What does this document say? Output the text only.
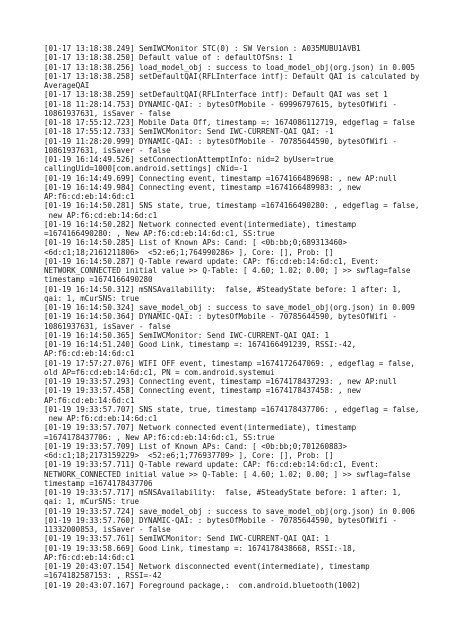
[01-17 13:18:38.249] SemIWCMonitor STC(0) : SW Version : A035MUBU1AVB1
[01-17 13:18:38.250] Default value of : defaultOfSns: 1
[01-17 13:18:38.256] load_model_obj : success to load_model_obj(org.json) in 0.005
[01-17 13:18:38.258] setDefaultQAI(RFLInterface intf): Default QAI is calculated by
AverageQAI
[01-17 13:18:38.259] setDefaultQAI(RFLInterface intf): Default QAI was set 1
[01-18 11:28:14.753] DYNAMIC-QAI: : bytesOfMobile - 69996797615, bytesOfWifi -
10861937631, isSaver - false
[01-18 17:55:12.723] Mobile Data Off, timestamp =: 1674086112719, edgeflag = false
[01-18 17:55:12.733] SemIWCMonitor: Send IWC-CURRENT-QAI QAI: -1
[01-19 11:28:20.999] DYNAMIC-QAI: : bytesOfMobile - 70785644590, bytesOfWifi -
10861937631, isSaver - false
[01-19 16:14:49.526] setConnectionAttemptInfo: nid=2 byUser=true
callingUid=1000[com.android.settings] cNid=-1
[01-19 16:14:49.699] Connecting event, timestamp =1674166489698: , new AP:null
[01-19 16:14:49.984] Connecting event, timestamp =1674166489983: , new
AP:f6:cd:eb:14:6d:c1
[01-19 16:14:50.281] SNS state, true, timestamp =1674166490280: , edgeflag = false,
new AP:f6:cd:eb:14:6d:c1
[01-19 16:14:50.282] Network connected event(intermediate), timestamp
=1674166490280: , New AP:f6:cd:eb:14:6d:c1, SS:true
[01-19 16:14:50.285] List of Known APs: Cand: [ <0b:bb;0;689313460>
<6d:c1;18;2161211806>  <52:e6;1;764990286> ], Core: [], Prob: []
[01-19 16:14:50.287] Q-Table reward update: CAP: f6:cd:eb:14:6d:c1, Event:
NETWORK_CONNECTED initial value >> Q-Table: [ 4.60; 1.02; 0.00; ] >> swflag=false
timestamp =1674166490280
[01-19 16:14:50.312] mSNSAvailability:  false, #SteadyState before: 1 after: 1,
qai: 1, mCurSNS: true
[01-19 16:14:50.324] save_model_obj : success to save_model_obj(org.json) in 0.009
[01-19 16:14:50.364] DYNAMIC-QAI: : bytesOfMobile - 70785644590, bytesOfWifi -
10861937631, isSaver - false
[01-19 16:14:50.365] SemIWCMonitor: Send IWC-CURRENT-QAI QAI: 1
[01-19 16:14:51.240] Good Link, timestamp =: 1674166491239, RSSI:-42,
AP:f6:cd:eb:14:6d:c1
[01-19 17:57:27.076] WIFI OFF event, timestamp =1674172647069: , edgeflag = false,
old AP=f6:cd:eb:14:6d:c1, PN = com.android.systemui
[01-19 19:33:57.293] Connecting event, timestamp =1674178437293: , new AP:null
[01-19 19:33:57.458] Connecting event, timestamp =1674178437458: , new
AP:f6:cd:eb:14:6d:c1
[01-19 19:33:57.707] SNS state, true, timestamp =1674178437706: , edgeflag = false,
new AP:f6:cd:eb:14:6d:c1
[01-19 19:33:57.707] Network connected event(intermediate), timestamp
=1674178437706: , New AP:f6:cd:eb:14:6d:c1, SS:true
[01-19 19:33:57.709] List of Known APs: Cand: [ <0b:bb;0;701260883>
<6d:c1;18;2173159229>  <52:e6;1;776937709> ], Core: [], Prob: []
[01-19 19:33:57.711] Q-Table reward update: CAP: f6:cd:eb:14:6d:c1, Event:
NETWORK_CONNECTED initial value >> Q-Table: [ 4.60; 1.02; 0.00; ] >> swflag=false
timestamp =1674178437706
[01-19 19:33:57.717] mSNSAvailability:  false, #SteadyState before: 1 after: 1,
qai: 1, mCurSNS: true
[01-19 19:33:57.724] save_model_obj : success to save_model_obj(org.json) in 0.006
[01-19 19:33:57.760] DYNAMIC-QAI: : bytesOfMobile - 70785644590, bytesOfWifi -
11332000853, isSaver - false
[01-19 19:33:57.761] SemIWCMonitor: Send IWC-CURRENT-QAI QAI: 1
[01-19 19:33:58.669] Good Link, timestamp =: 1674178438668, RSSI:-18,
AP:f6:cd:eb:14:6d:c1
[01-19 20:43:07.154] Network disconnected event(intermediate), timestamp
=1674182587153: , RSSI=-42
[01-19 20:43:07.167] Foreground package,:  com.android.bluetooth(1002)
